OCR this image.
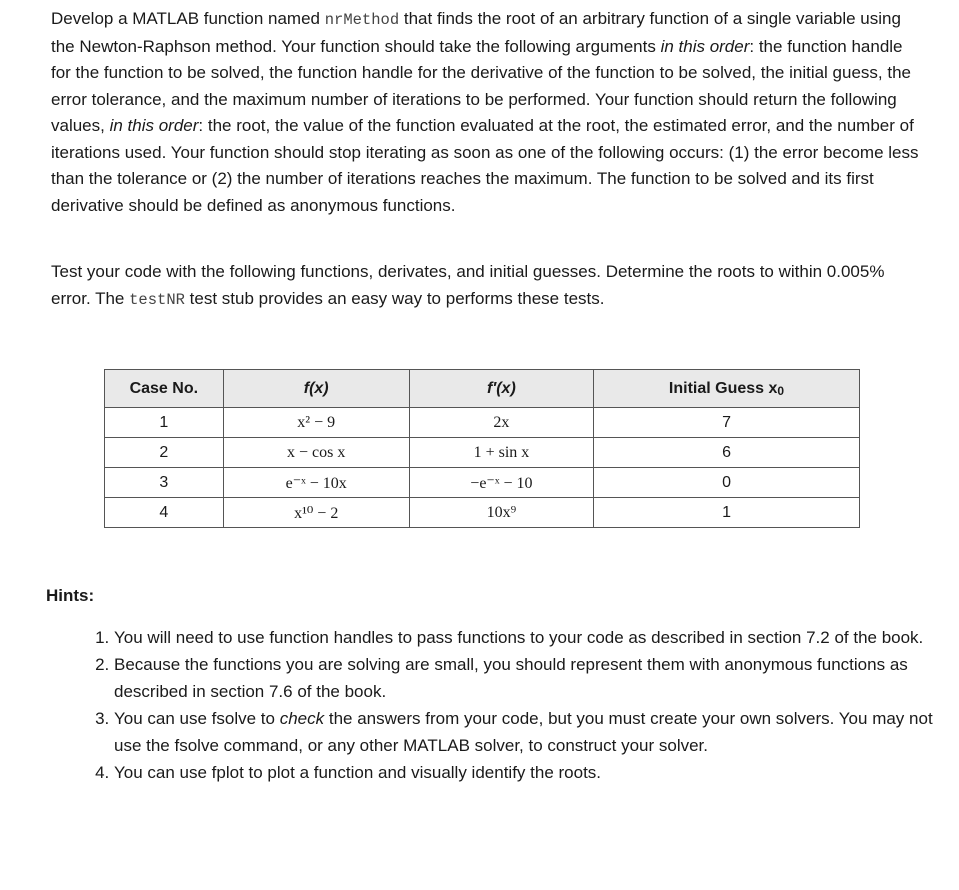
Develop a MATLAB function named nrMethod that finds the root of an arbitrary function of a single variable using the Newton-Raphson method. Your function should take the following arguments in this order: the function handle for the function to be solved, the function handle for the derivative of the function to be solved, the initial guess, the error tolerance, and the maximum number of iterations to be performed. Your function should return the following values, in this order: the root, the value of the function evaluated at the root, the estimated error, and the number of iterations used. Your function should stop iterating as soon as one of the following occurs: (1) the error become less than the tolerance or (2) the number of iterations reaches the maximum. The function to be solved and its first derivative should be defined as anonymous functions.

Test your code with the following functions, derivates, and initial guesses. Determine the roots to within 0.005% error. The testNR test stub provides an easy way to performs these tests.

Case No.	f(x)	f′(x)	Initial Guess $x_0$
1	x² − 9	2x	7
2	x − cos x	1 + sin x	6
3	e⁻ˣ − 10x	−e⁻ˣ − 10	0
4	x¹⁰ − 2	10x⁹	1

Hints:

1. You will need to use function handles to pass functions to your code as described in section 7.2 of the book.
2. Because the functions you are solving are small, you should represent them with anonymous functions as described in section 7.6 of the book.
3. You can use fsolve to check the answers from your code, but you must create your own solvers. You may not use the fsolve command, or any other MATLAB solver, to construct your solver.
4. You can use fplot to plot a function and visually identify the roots.
